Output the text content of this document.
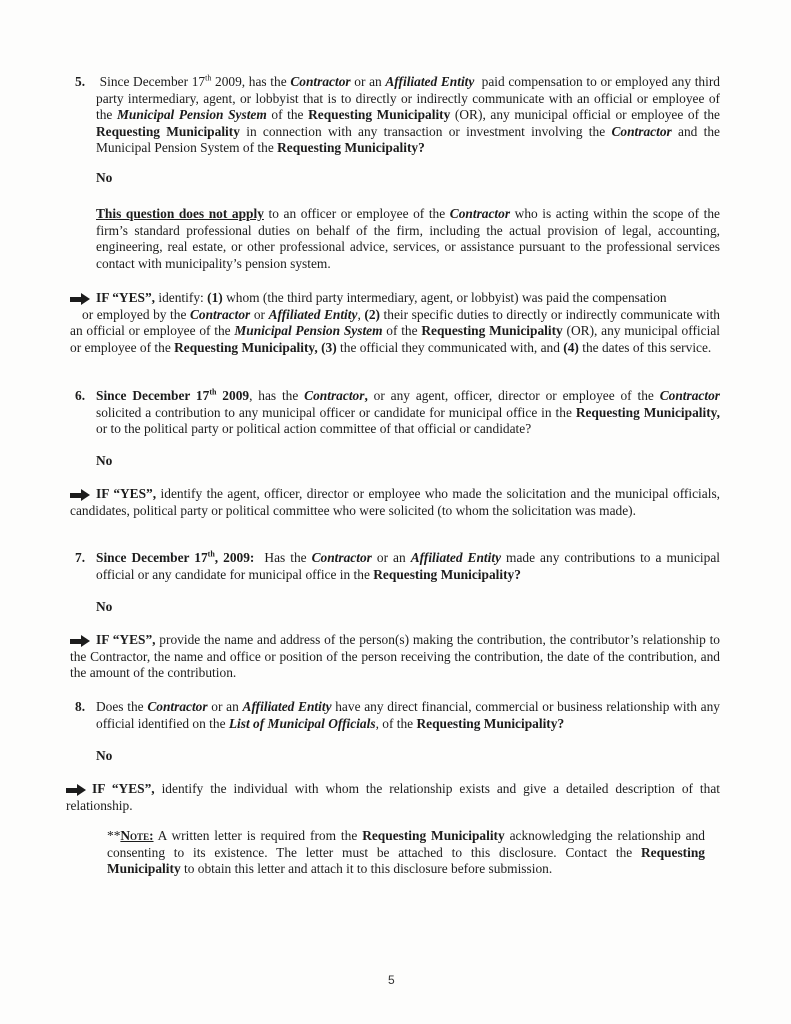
5. Since December 17th 2009, has the Contractor or an Affiliated Entity  paid compensation to or employed any third party intermediary, agent, or lobbyist that is to directly or indirectly communicate with an official or employee of the Municipal Pension System of the Requesting Municipality (OR), any municipal official or employee of the Requesting Municipality in connection with any transaction or investment involving the Contractor and the Municipal Pension System of the Requesting Municipality?
No
This question does not apply to an officer or employee of the Contractor who is acting within the scope of the firm’s standard professional duties on behalf of the firm, including the actual provision of legal, accounting, engineering, real estate, or other professional advice, services, or assistance pursuant to the professional services contact with municipality’s pension system.
IF “YES”, identify: (1) whom (the third party intermediary, agent, or lobbyist) was paid the compensation
or employed by the Contractor or Affiliated Entity, (2) their specific duties to directly or indirectly communicate with an official or employee of the Municipal Pension System of the Requesting Municipality (OR), any municipal official or employee of the Requesting Municipality, (3) the official they communicated with, and (4) the dates of this service.
6. Since December 17th 2009, has the Contractor, or any agent, officer, director or employee of the Contractor solicited a contribution to any municipal officer or candidate for municipal office in the Requesting Municipality, or to the political party or political action committee of that official or candidate?
No
IF “YES”, identify the agent, officer, director or employee who made the solicitation and the municipal officials, candidates, political party or political committee who were solicited (to whom the solicitation was made).
7. Since December 17th, 2009:  Has the Contractor or an Affiliated Entity made any contributions to a municipal official or any candidate for municipal office in the Requesting Municipality?
No
IF “YES”, provide the name and address of the person(s) making the contribution, the contributor’s relationship to the Contractor, the name and office or position of the person receiving the contribution, the date of the contribution, and the amount of the contribution.
8. Does the Contractor or an Affiliated Entity have any direct financial, commercial or business relationship with any official identified on the List of Municipal Officials, of the Requesting Municipality?
No
IF “YES”, identify the individual with whom the relationship exists and give a detailed description of that relationship.
**Note: A written letter is required from the Requesting Municipality acknowledging the relationship and consenting to its existence. The letter must be attached to this disclosure. Contact the Requesting Municipality to obtain this letter and attach it to this disclosure before submission.
5
